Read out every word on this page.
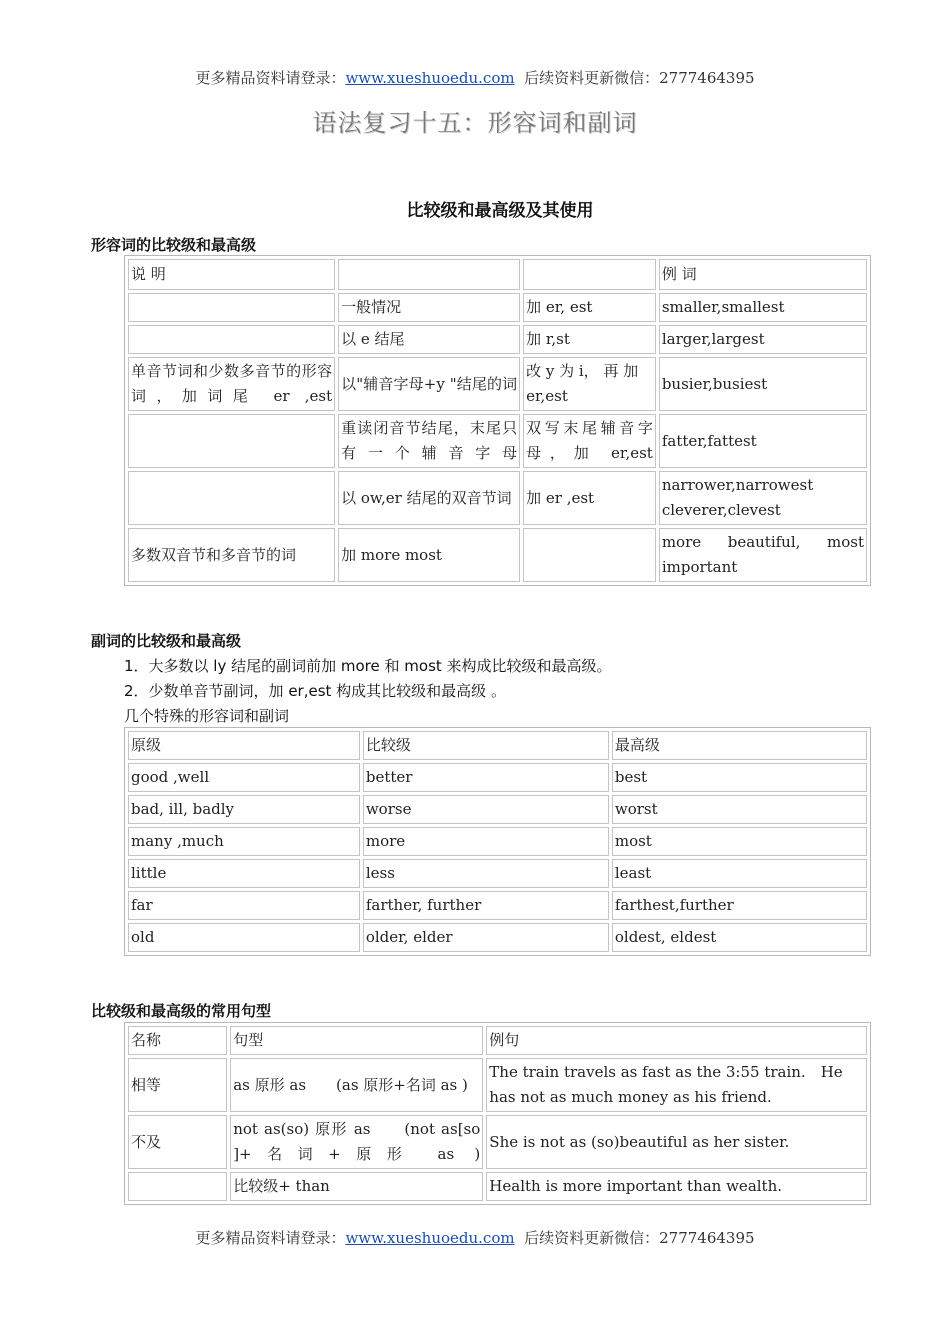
更多精品资料请登录：www.xueshuoedu.com 后续资料更新微信：2777464395
语法复习十五：形容词和副词
比较级和最高级及其使用
形容词的比较级和最高级
说 明			例 词
	一般情况	加 er, est	smaller,smallest
	以 e 结尾	加 r,st	larger,largest
单音节词和少数多音节的形容词，加词尾 er ,est	以"辅音字母+y "结尾的词	改 y 为 i， 再 加 er,est	busier,busiest
	重读闭音节结尾，末尾只有一个辅音字母	双写末尾辅音字母，加 er,est	fatter,fattest
	以 ow,er 结尾的双音节词	加 er ,est	narrower,narrowest cleverer,clevest
多数双音节和多音节的词	加 more most		more beautiful, most important
副词的比较级和最高级
1．大多数以 ly 结尾的副词前加 more 和 most 来构成比较级和最高级。
2．少数单音节副词，加 er,est 构成其比较级和最高级 。
几个特殊的形容词和副词
原级	比较级	最高级
good ,well	better	best
bad, ill, badly	worse	worst
many ,much	more	most
little	less	least
far	farther, further	farthest,further
old	older, elder	oldest, eldest
比较级和最高级的常用句型
名称	句型	例句
相等	as 原形 as　　(as 原形+名词 as )	The train travels as fast as the 3:55 train.　He has not as much money as his friend.
不及	not as(so) 原形 as　　(not as[so ]+名词+原形 as )	She is not as (so)beautiful as her sister.
	比较级+ than	Health is more important than wealth.
更多精品资料请登录：www.xueshuoedu.com 后续资料更新微信：2777464395
